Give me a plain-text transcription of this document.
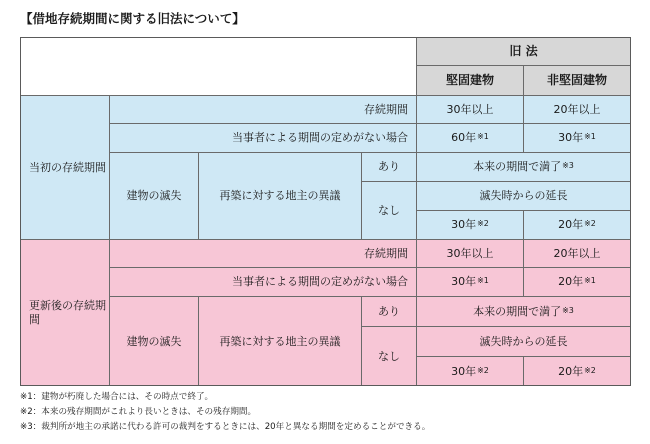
【借地存続期間に関する旧法について】
旧 法
堅固建物	非堅固建物
当初の存続期間
存続期間	30年以上	20年以上
当事者による期間の定めがない場合	60年$^{※1}$	30年$^{※1}$
建物の滅失	再築に対する地主の異議
あり	本来の期間で満了$^{※3}$
なし
滅失時からの延長
30年$^{※2}$	20年$^{※2}$
更新後の存続期間
存続期間	30年以上	20年以上
当事者による期間の定めがない場合	30年$^{※1}$	20年$^{※1}$
建物の滅失	再築に対する地主の異議
あり	本来の期間で満了$^{※3}$
なし
滅失時からの延長
30年$^{※2}$	20年$^{※2}$
※1：建物が朽廃した場合には、その時点で終了。
※2：本来の残存期間がこれより長いときは、その残存期間。
※3：裁判所が地主の承諾に代わる許可の裁判をするときには、20年と異なる期間を定めることができる。
